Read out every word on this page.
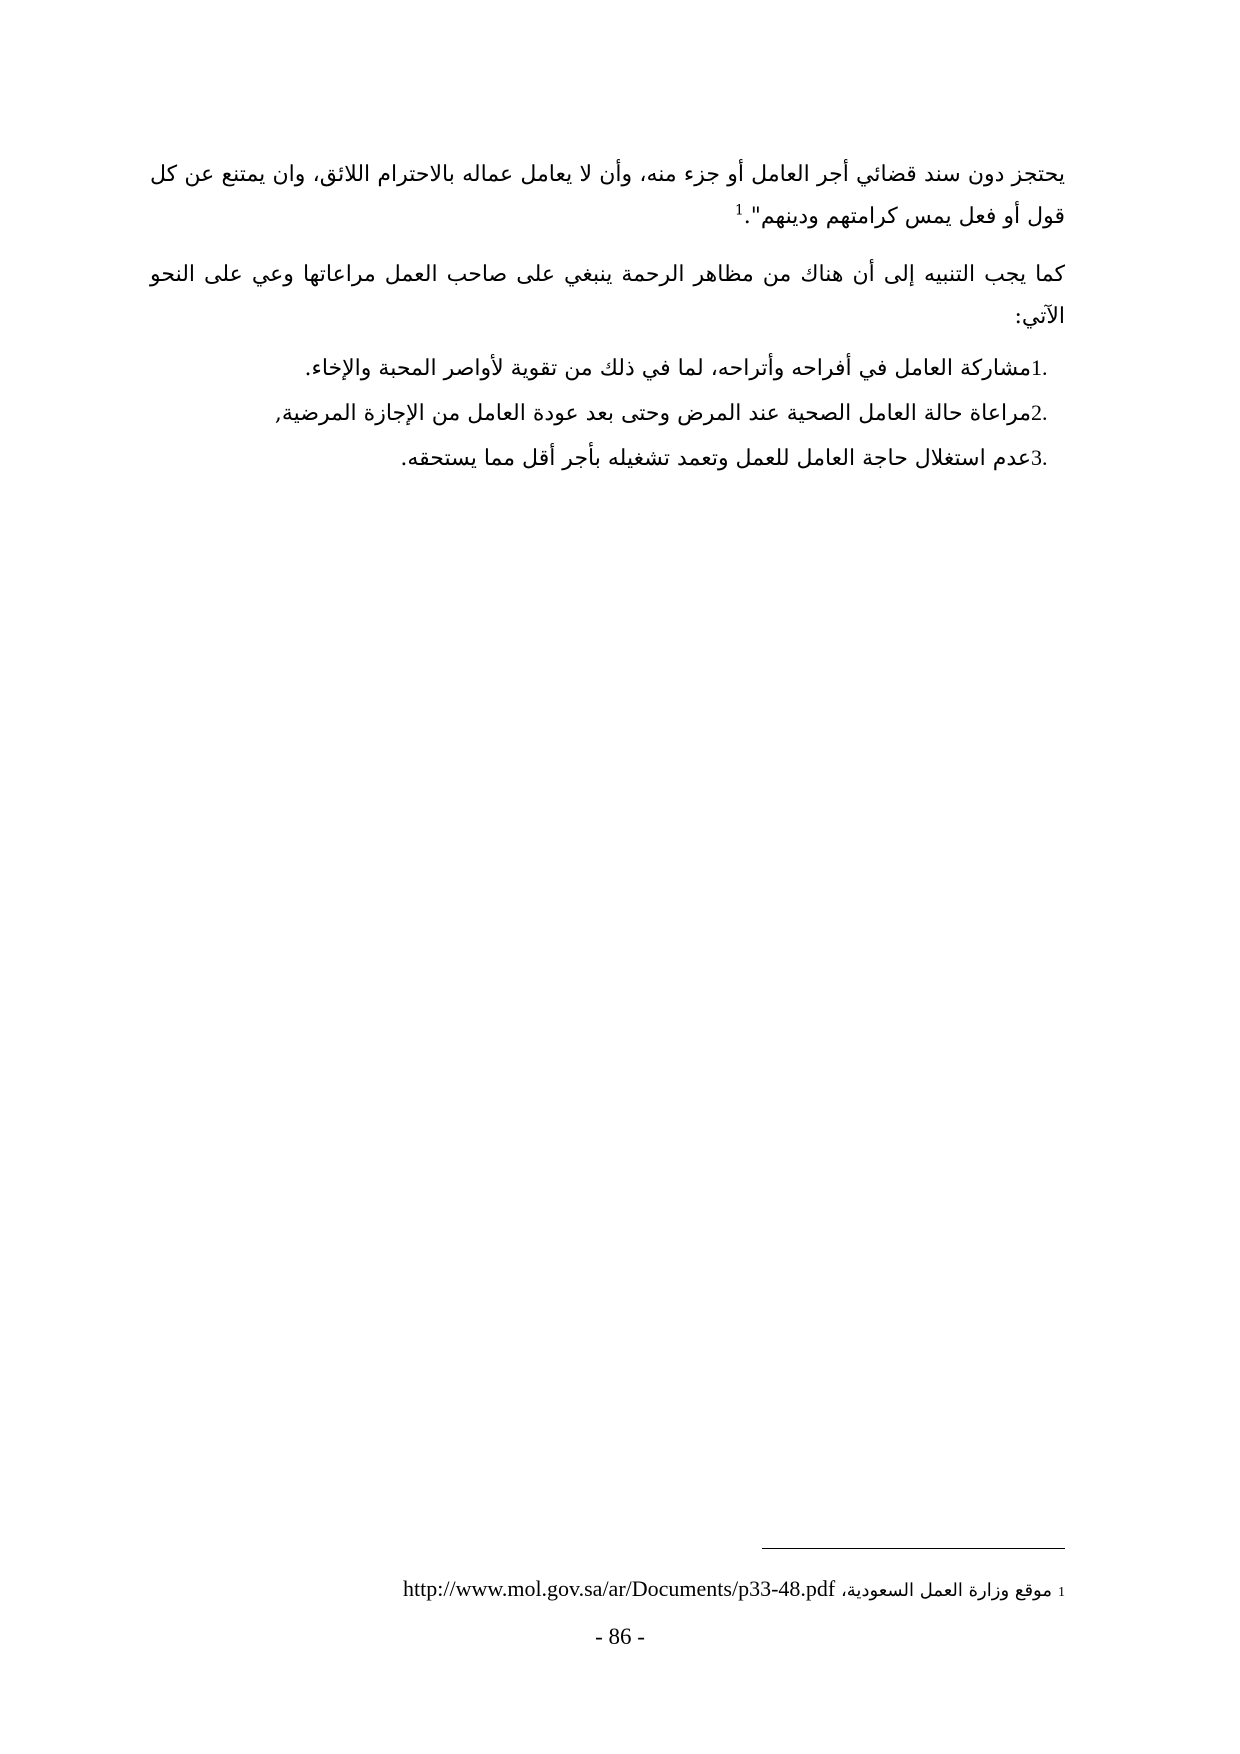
يحتجز دون سند قضائي أجر العامل أو جزء منه، وأن لا يعامل عماله بالاحترام اللائق، وان يمتنع عن كل قول أو فعل يمس كرامتهم ودينهم".$^1$

كما يجب التنبيه إلى أن هناك من مظاهر الرحمة ينبغي على صاحب العمل مراعاتها وعي على النحو الآتي:

1.
مشاركة العامل في أفراحه وأتراحه، لما في ذلك من تقوية لأواصر المحبة والإخاء.
2.
مراعاة حالة العامل الصحية عند المرض وحتى بعد عودة العامل من الإجازة المرضية,
3.
عدم استغلال حاجة العامل للعمل وتعمد تشغيله بأجر أقل مما يستحقه.
1موقع وزارة العمل السعودية، http://www.mol.gov.sa/ar/Documents/p33-48.pdf
- 86 -
